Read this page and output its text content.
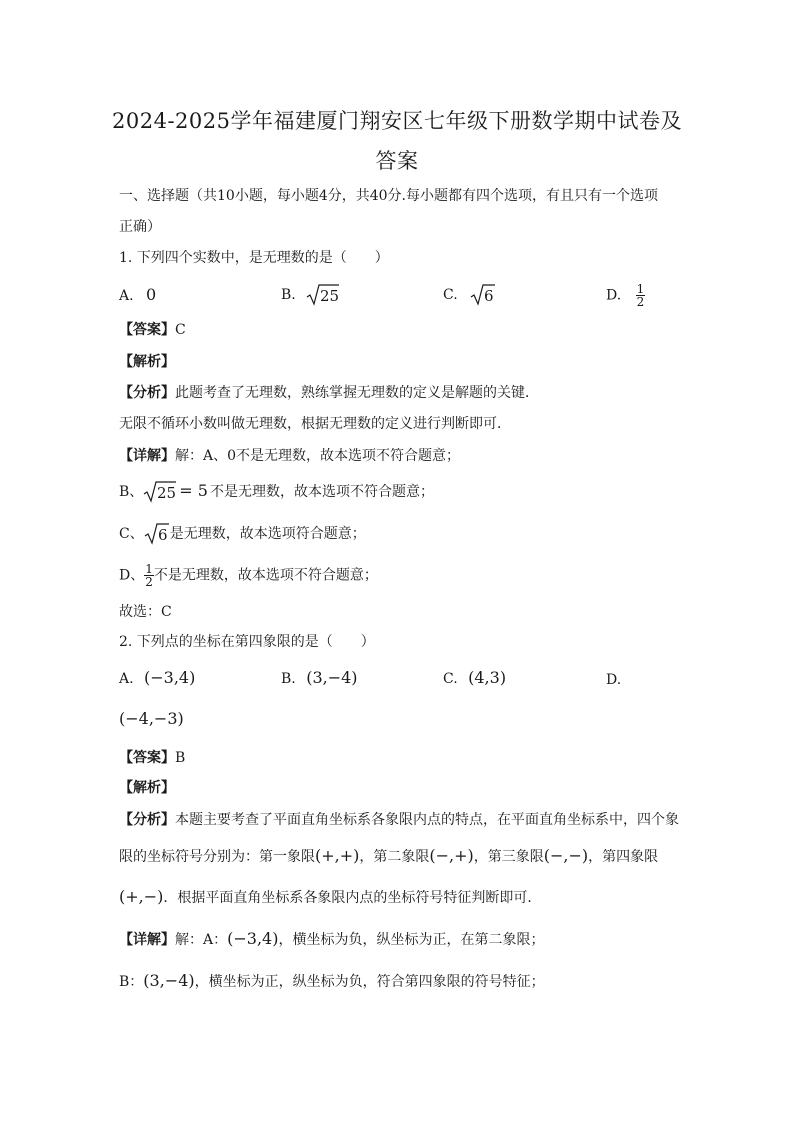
2024-2025学年福建厦门翔安区七年级下册数学期中试卷及
答案
一、选择题（共10小题，每小题4分，共40分.每小题都有四个选项，有且只有一个选项
正确）
1. 下列四个实数中，是无理数的是（　　）
A. 0	B. 25	C. 6	D. $\frac{1}{2}$
【答案】C
【解析】
【分析】此题考查了无理数，熟练掌握无理数的定义是解题的关键．
无限不循环小数叫做无理数，根据无理数的定义进行判断即可．
【详解】解：A、0不是无理数，故本选项不符合题意；
B、 25 = 5 不是无理数，故本选项不符合题意；
C、 6 是无理数，故本选项符合题意；
D、 $\frac{1}{2}$ 不是无理数，故本选项不符合题意；
故选：C
2. 下列点的坐标在第四象限的是（　　）
A. (−3,4)	B. (3,−4)	C. (4,3)	D.
(−4,−3)
【答案】B
【解析】
【分析】本题主要考查了平面直角坐标系各象限内点的特点，在平面直角坐标系中，四个象
限的坐标符号分别为：第一象限(+,+)，第二象限(−,+)，第三象限(−,−)，第四象限
(+,−)．根据平面直角坐标系各象限内点的坐标符号特征判断即可．
【详解】解：A：(−3,4)，横坐标为负，纵坐标为正，在第二象限；
B：(3,−4)，横坐标为正，纵坐标为负，符合第四象限的符号特征；
